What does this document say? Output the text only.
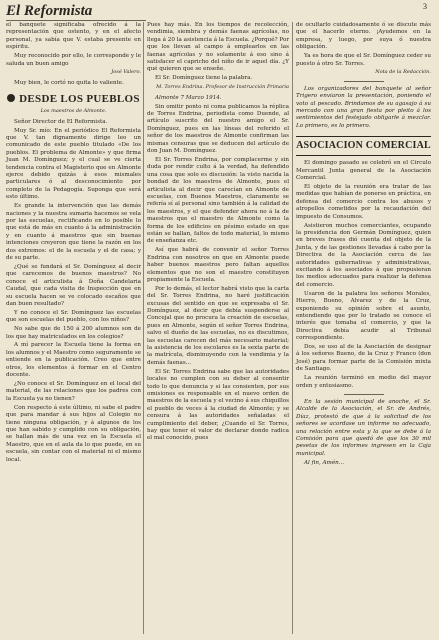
El Reformista	3

el banquete significaba ofrecido á la representación que ostento, y en el afecto personal, ya sabía que V. estaba presente en espíritu.

Muy reconocido por ello, le corresponde y le saluda un buen amigo

José Valero.

Muy bien, le cortó no quita lo valiente.

DESDE LOS PUEBLOS
Los maestros de Almonte.

Señor Director de El Reformista.

Muy Sr. mío: En el periódico El Reformista que V. tan dignamente dirige leo un comunicado de este pueblo titulado «De los pueblos. El problema de Almonte» y que firma Juan M. Domínguez; y el cual se ve cierta tendencia contra el Magisterio que en Almonte ejerce debido quizás á esos mismales particulares ó al desconocimiento por completo de la Pedagogía. Suponga que será esto último.

Es grande la intervención que las demás naciones y la nuestra sumaria hacemos se vela por las escuelas, rectificando en lo posible lo que está de más en cuanto á la administración y en cuanto á maestros que sin buenas intenciones creyeron que tiene la razón en los dos extremos: el de la escuela y el de casa; y de su parte.

¿Qué se fundará el Sr. Domínguez al decir que carecemos de buenos maestros? No conoce el articulista á Doña Candelaria Caudal, que cada visita de Inspección que en su escuela hacen se ve colocado escaños que dan buen resultado?

Y no conoce el Sr. Domínguez las escuelas que son escuelas del pueblo, con los niños?

No sabe que de 150 á 200 alumnos son de los que hay matriculados en los colegios?

A mí parecer la Escuela tiene la forma en los alumnos y el Maestro como seguramente se entiende en la publicación. Creo que entre otros, los elementos á formar en el Centro docente.

¿No conoce el Sr. Domínguez en el local del material, de las relaciones que los padres con la Escuela ya no tienen?

Con respecto á este último, ni sabe el padre que para mandar á sus hijos al Colegio no tiene ninguna obligación, y á algunos de los que han sabido y cumplido con su obligación, se hallan más de una vez en la Escuela el Maestro, que en el aula da lo que puede, en su escuela, sin contar con el material ni el mismo local.

Pues hay más. En los tiempos de recolección, vendimia, siembra y demás faenas agrícolas, no llega á 20 la asistencia á la Escuela. ¿Porqué? Por que los llevan al campo á emplearlos en las faenas agrícolas y no solamente á eso sino á satisfacer el capricho del niño de ir aquel día. ¿Y qué quieren que se enseñe.

El Sr. Domínguez tiene la palabra.

M. Torres Endrina. Profesor de Instrucción Primaria

Almonte 7 Marzo 1914.

Sin omitir ponto ni coma publicamos la réplica de Torres Endrina, periodista como Duende, al artículo suscrito del nuestro amigo el Sr. Domínguez, pues en las líneas del referido el señor de los maestros de Almonte confirman las mismas censuras que se deducen del artículo de don Juan M. Domínguez.

El Sr. Torres Endrina, por complacerme y sin duda por rendir culto á la verdad, ha defendido una cosa que solo es discusión: la visto nacida la bondad de los maestros de Almonte, pues el articulista al decir que carecían en Almonte de escuelas, con Buenos Maestros, claramente se refería sí al personal sino también á la calidad de los maestros, y el que defender ahora no á la de maestros que el maestro de Almonte como la forma de los edificios en pésimo estado en que están se hallan, faltos de todo material, lo mismo de enseñanza etc.

Así que habrá de convenir el señor Torres Endrina con nosotros en que en Almonte puede haber buenos maestros pero faltan aquellos elementos que no son el maestro constituyen propiamente la Escuela.

Por lo demás, el lector habrá visto que la carta del Sr. Torres Endrina, no haré justificación excusas del sentido en que se expresaba el Sr. Domínguez, al decir que debía suspenderse al Concejal que no procura la creación de escuelas, pues en Almonte, según el señor Torres Endrina, salvo el dueño de las escuelas, no es discutimos, las escuelas carecen del más necesario material; la asistencia de los escolares es la sexta parte de la matrícula, disminuyendo con la vendimia y la demás faenas...

El Sr. Torres Endrina sabe que las autoridades locales no cumplen con su deber al consentir todo lo que denuncia y si las consienten, por sus omisiones es responsable en el nuevo orden de maestros de la escuela y el vecino á sus chiquillos el pueblo de veces á la ciudad de Almonte; y se censura á las autoridades señaladas el cumplimiento del deber, ¿Cuando el Sr. Torres, hay que tener el valor de declarar donde radica el mal conocido, pues

de ocultarlo cuidadosamente ó se discute más que el hacerlo eterno. ¡Ayudemos en la empresa, y luego, por suya ó nuestra obligación.

Ya es hora de que el Sr. Domínguez ceder su puesto á otro Sr. Torres.

Nota de la Redacción.

Los organizadores del banquete al señor Trigero enviaron la presentación, poniendo el voto al pescado. Brindamos de su agasajo á su mercado con una gran fiesta por pleito á los sentimientos del festejado obligarle á mezclar. Lo primero, es lo primero.

ASOCIACION COMERCIAL

El domingo pasado se celebró en el Circulo Mercantil Junta general de la Asociación Comercial.

El objeto de la reunión era tratar de las medidas que habían de ponerse en práctica, en defensa del comercio contra los abusos y atropellos cometidos por la recaudación del impuesto de Consumos.

Asistieron muchos comerciantes, ocupando la presidencia don Germán Domínguez, quien en breves frases dió cuenta del objeto de la Junta, y de las gestiones llevadas á cabo por la Directiva de la Asociación cerca de las autoridades gubernativas y administrativas, excitando á los asociados á que propusieran los medios adecuados para realizar la defensa del comercio.

Usaron de la palabra los señores Morales, Hierro, Bueno, Alvarez y de la Cruz, exponiendo su opinión sobre el asunto, entendiendo que por lo tratado se conoce el interés que tomaba el comercio, y que la Directiva debía acudir al Tribunal correspondiente.

Dos, se uso al de la Asociación de designar á los señores Bueno, de la Cruz y Franco (don José) para formar parte de la Comisión mixta de Santiago.

La reunión terminó en medio del mayor orden y entusiasmo.

En la sesión municipal de anoche, el Sr. Alcalde de la Asociación, el Sr. de Andrés, Díaz, protestó de que á la solicitud de los señores se acordase un informe no adecuado, una relación entre esta y la que se debe á la Comisión para que quedó de que los 30 mil pesetas de los informes ingresen en la Caja municipal.

Al fin, Amén...
